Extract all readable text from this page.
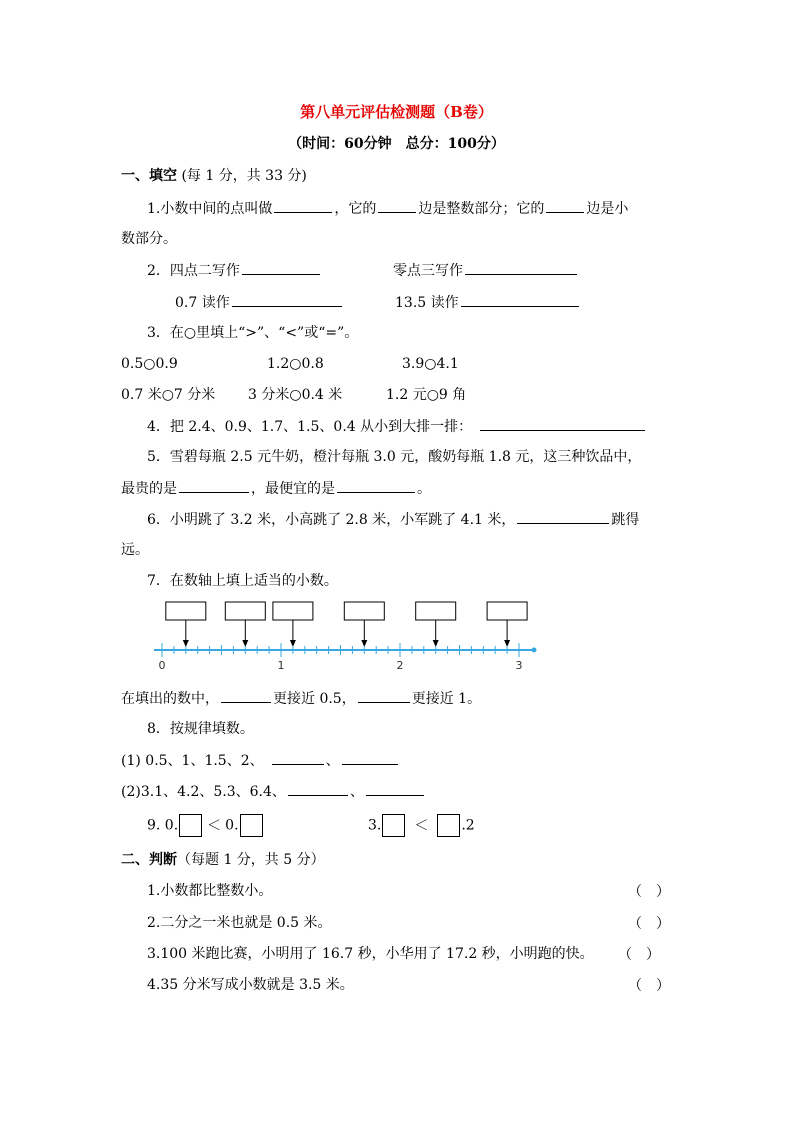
第八单元评估检测题（B卷）
（时间：60分钟　总分：100分）
一、填空 (每 1 分，共 33 分)
1.小数中间的点叫做	，它的	边是整数部分；它的	边是小
数部分。
2．四点二写作	零点三写作
0.7 读作	13.5 读作
3．在○里填上“>”、“<”或“=”。
0.5○0.9	1.2○0.8	3.9○4.1
0.7 米○7 分米 3 分米○0.4 米	1.2 元○9 角
4．把 2.4、0.9、1.7、1.5、0.4 从小到大排一排：
5．雪碧每瓶 2.5 元牛奶，橙汁每瓶 3.0 元，酸奶每瓶 1.8 元，这三种饮品中，
最贵的是	，最便宜的是	。
6．小明跳了 3.2 米，小高跳了 2.8 米，小军跳了 4.1 米，	跳得
远。
7．在数轴上填上适当的小数。
0	1	2	3
在填出的数中，	更接近 0.5，	更接近 1。
8．按规律填数。
(1) 0.5、1、1.5、2、	、
(2)3.1、4.2、5.3、6.4、	、
9. 0. ＜ 0.	3. ＜ .2
二、判断（每题 1 分，共 5 分）
1.小数都比整数小。	（　）
2.二分之一米也就是 0.5 米。	（　）
3.100 米跑比赛，小明用了 16.7 秒，小华用了 17.2 秒，小明跑的快。 （　）
4.35 分米写成小数就是 3.5 米。	（　）
